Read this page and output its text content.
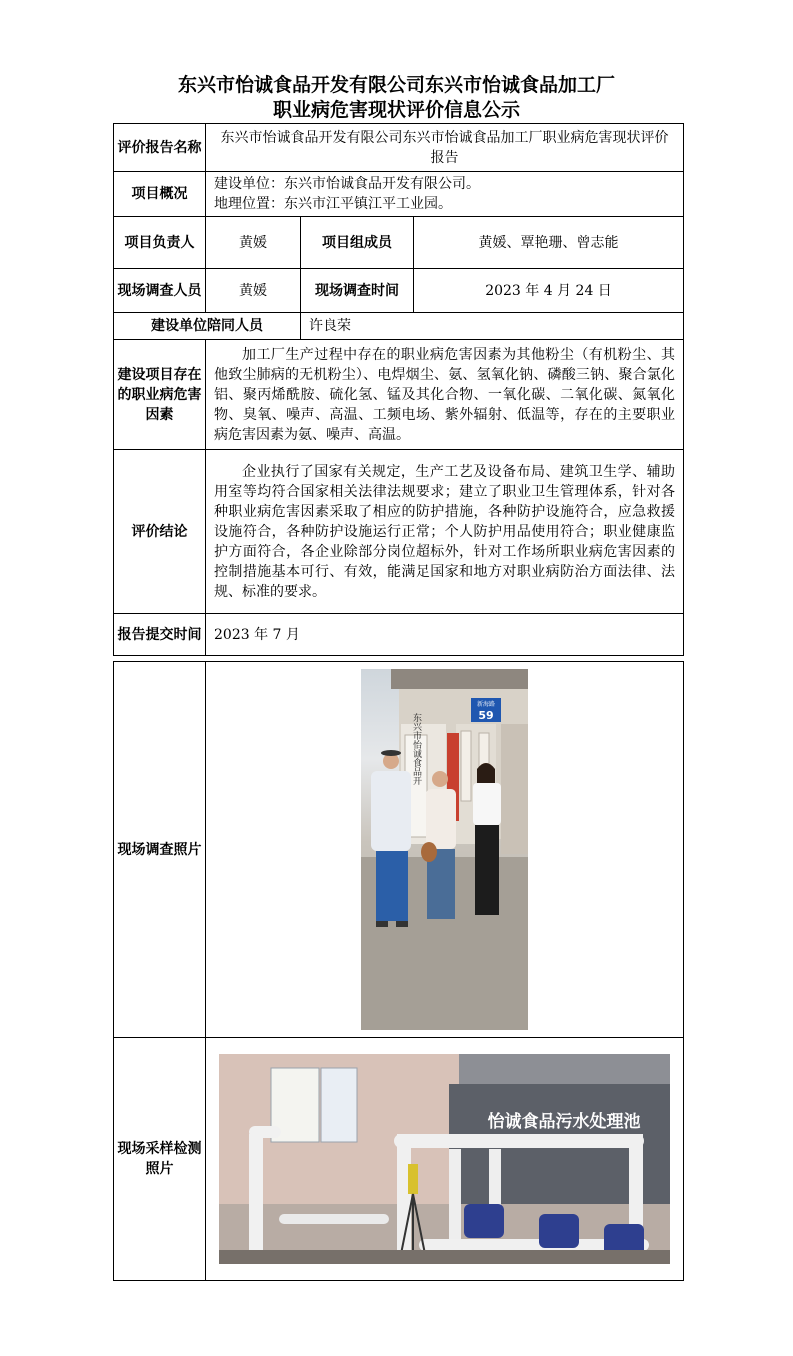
东兴市怡诚食品开发有限公司东兴市怡诚食品加工厂
职业病危害现状评价信息公示
评价报告名称	东兴市怡诚食品开发有限公司东兴市怡诚食品加工厂职业病危害现状评价报告		
项目概况	建设单位：东兴市怡诚食品开发有限公司。
地理位置：东兴市江平镇江平工业园。		

项目负责人	黄媛	项目组成员	黄媛、覃艳珊、曾志能
现场调查人员	黄媛	现场调查时间	2023 年 4 月 24 日
建设单位陪同人员		许良荣	
建设项目存在的职业病危害因素	加工厂生产过程中存在的职业病危害因素为其他粉尘（有机粉尘、其他致尘肺病的无机粉尘）、电焊烟尘、氨、氢氧化钠、磷酸三钠、聚合氯化铝、聚丙烯酰胺、硫化氢、锰及其化合物、一氧化碳、二氧化碳、氮氧化物、臭氧、噪声、高温、工频电场、紫外辐射、低温等，存在的主要职业病危害因素为氨、噪声、高温。		
评价结论	企业执行了国家有关规定，生产工艺及设备布局、建筑卫生学、辅助用室等均符合国家相关法律法规要求；建立了职业卫生管理体系，针对各种职业病危害因素采取了相应的防护措施，各种防护设施符合，应急救援设施符合，各种防护设施运行正常；个人防护用品使用符合；职业健康监护方面符合，各企业除部分岗位超标外，针对工作场所职业病危害因素的控制措施基本可行、有效，能满足国家和地方对职业病防治方面法律、法规、标准的要求。		
报告提交时间	2023 年 7 月		
现场调查照片	新海路
59
东兴市怡诚食品开

现场采样检测照片	怡诚食品污水处理池
